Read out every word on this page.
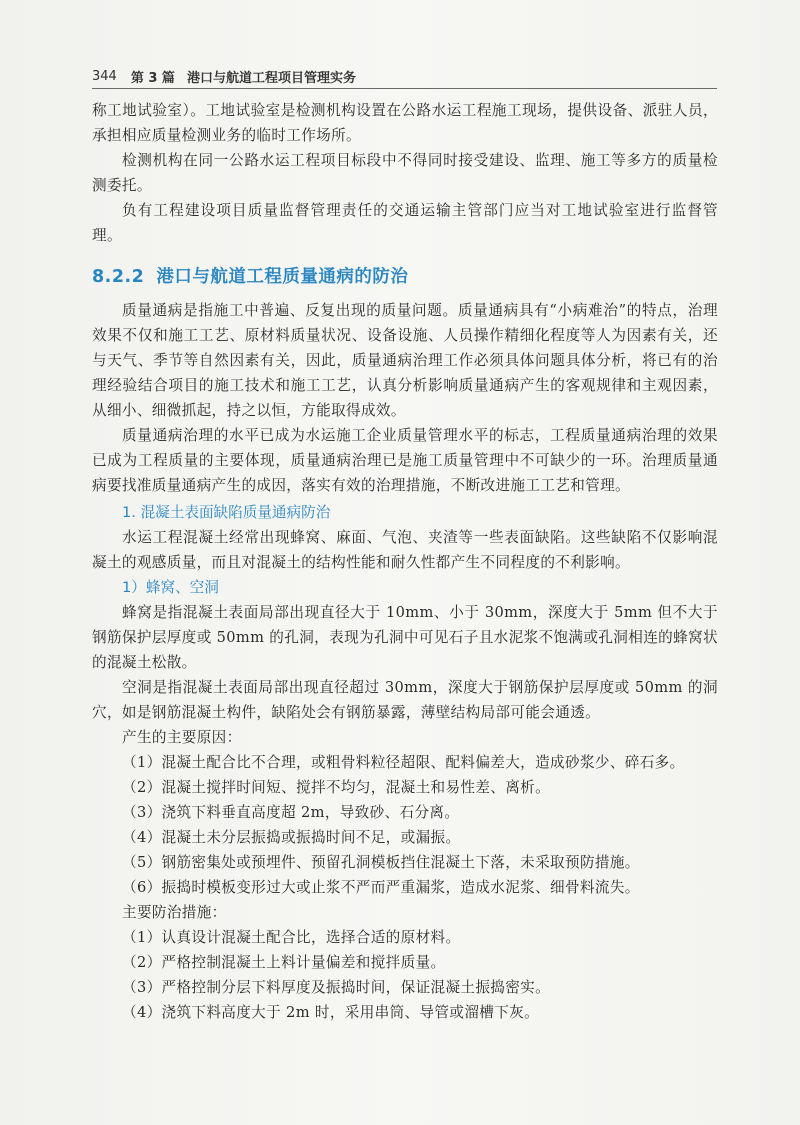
344 第 3 篇 港口与航道工程项目管理实务

称工地试验室）。工地试验室是检测机构设置在公路水运工程施工现场，提供设备、派驻人员，承担相应质量检测业务的临时工作场所。

检测机构在同一公路水运工程项目标段中不得同时接受建设、监理、施工等多方的质量检测委托。

负有工程建设项目质量监督管理责任的交通运输主管部门应当对工地试验室进行监督管理。

8.2.2 港口与航道工程质量通病的防治

质量通病是指施工中普遍、反复出现的质量问题。质量通病具有“小病难治”的特点，治理效果不仅和施工工艺、原材料质量状况、设备设施、人员操作精细化程度等人为因素有关，还与天气、季节等自然因素有关，因此，质量通病治理工作必须具体问题具体分析，将已有的治理经验结合项目的施工技术和施工工艺，认真分析影响质量通病产生的客观规律和主观因素，从细小、细微抓起，持之以恒，方能取得成效。

质量通病治理的水平已成为水运施工企业质量管理水平的标志，工程质量通病治理的效果已成为工程质量的主要体现，质量通病治理已是施工质量管理中不可缺少的一环。治理质量通病要找准质量通病产生的成因，落实有效的治理措施，不断改进施工工艺和管理。

1. 混凝土表面缺陷质量通病防治

水运工程混凝土经常出现蜂窝、麻面、气泡、夹渣等一些表面缺陷。这些缺陷不仅影响混凝土的观感质量，而且对混凝土的结构性能和耐久性都产生不同程度的不利影响。

1）蜂窝、空洞

蜂窝是指混凝土表面局部出现直径大于 10mm、小于 30mm，深度大于 5mm 但不大于钢筋保护层厚度或 50mm 的孔洞，表现为孔洞中可见石子且水泥浆不饱满或孔洞相连的蜂窝状的混凝土松散。

空洞是指混凝土表面局部出现直径超过 30mm，深度大于钢筋保护层厚度或 50mm 的洞穴，如是钢筋混凝土构件，缺陷处会有钢筋暴露，薄壁结构局部可能会通透。

产生的主要原因：

（1）混凝土配合比不合理，或粗骨料粒径超限、配料偏差大，造成砂浆少、碎石多。

（2）混凝土搅拌时间短、搅拌不均匀，混凝土和易性差、离析。

（3）浇筑下料垂直高度超 2m，导致砂、石分离。

（4）混凝土未分层振捣或振捣时间不足，或漏振。

（5）钢筋密集处或预埋件、预留孔洞模板挡住混凝土下落，未采取预防措施。

（6）振捣时模板变形过大或止浆不严而严重漏浆，造成水泥浆、细骨料流失。

主要防治措施：

（1）认真设计混凝土配合比，选择合适的原材料。

（2）严格控制混凝土上料计量偏差和搅拌质量。

（3）严格控制分层下料厚度及振捣时间，保证混凝土振捣密实。

（4）浇筑下料高度大于 2m 时，采用串筒、导管或溜槽下灰。
